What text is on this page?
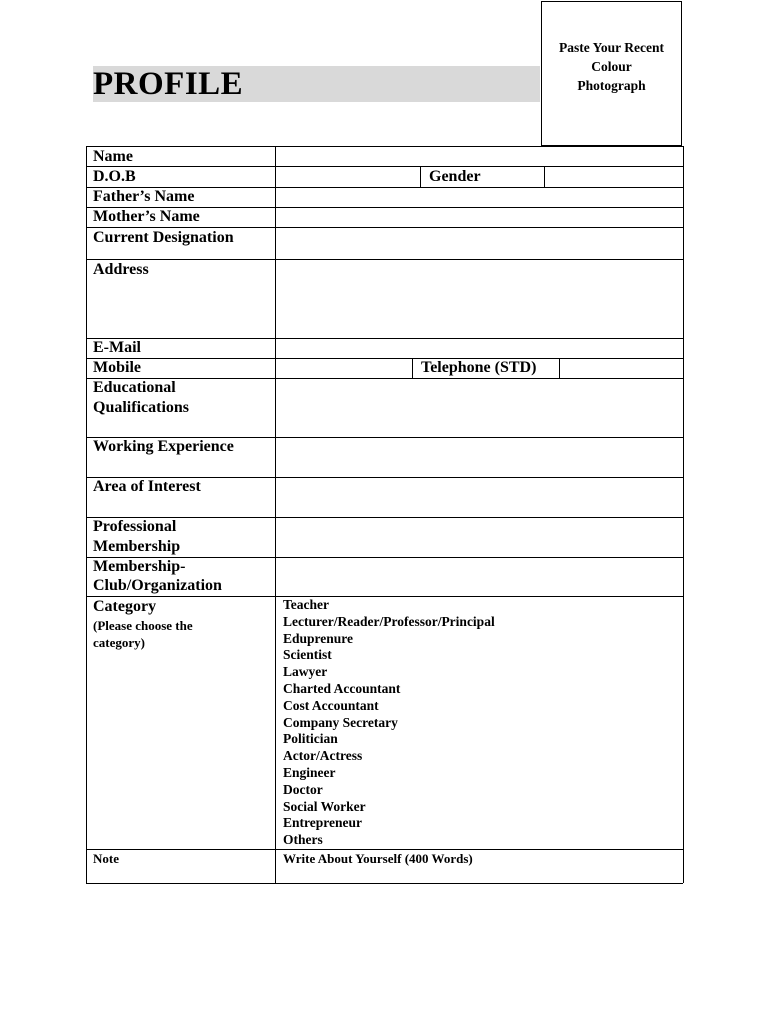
PROFILE
Paste Your Recent
Colour
Photograph
Name
D.O.B	Gender
Father’s Name
Mother’s Name
Current Designation
Address
E-Mail
Mobile	Telephone (STD)
Educational
Qualifications
Working Experience
Area of Interest
Professional
Membership
Membership-
Club/Organization
Category
(Please choose the
category)
Teacher
Lecturer/Reader/Professor/Principal
Eduprenure
Scientist
Lawyer
Charted Accountant
Cost Accountant
Company Secretary
Politician
Actor/Actress
Engineer
Doctor
Social Worker
Entrepreneur
Others
Note	Write About Yourself (400 Words)
